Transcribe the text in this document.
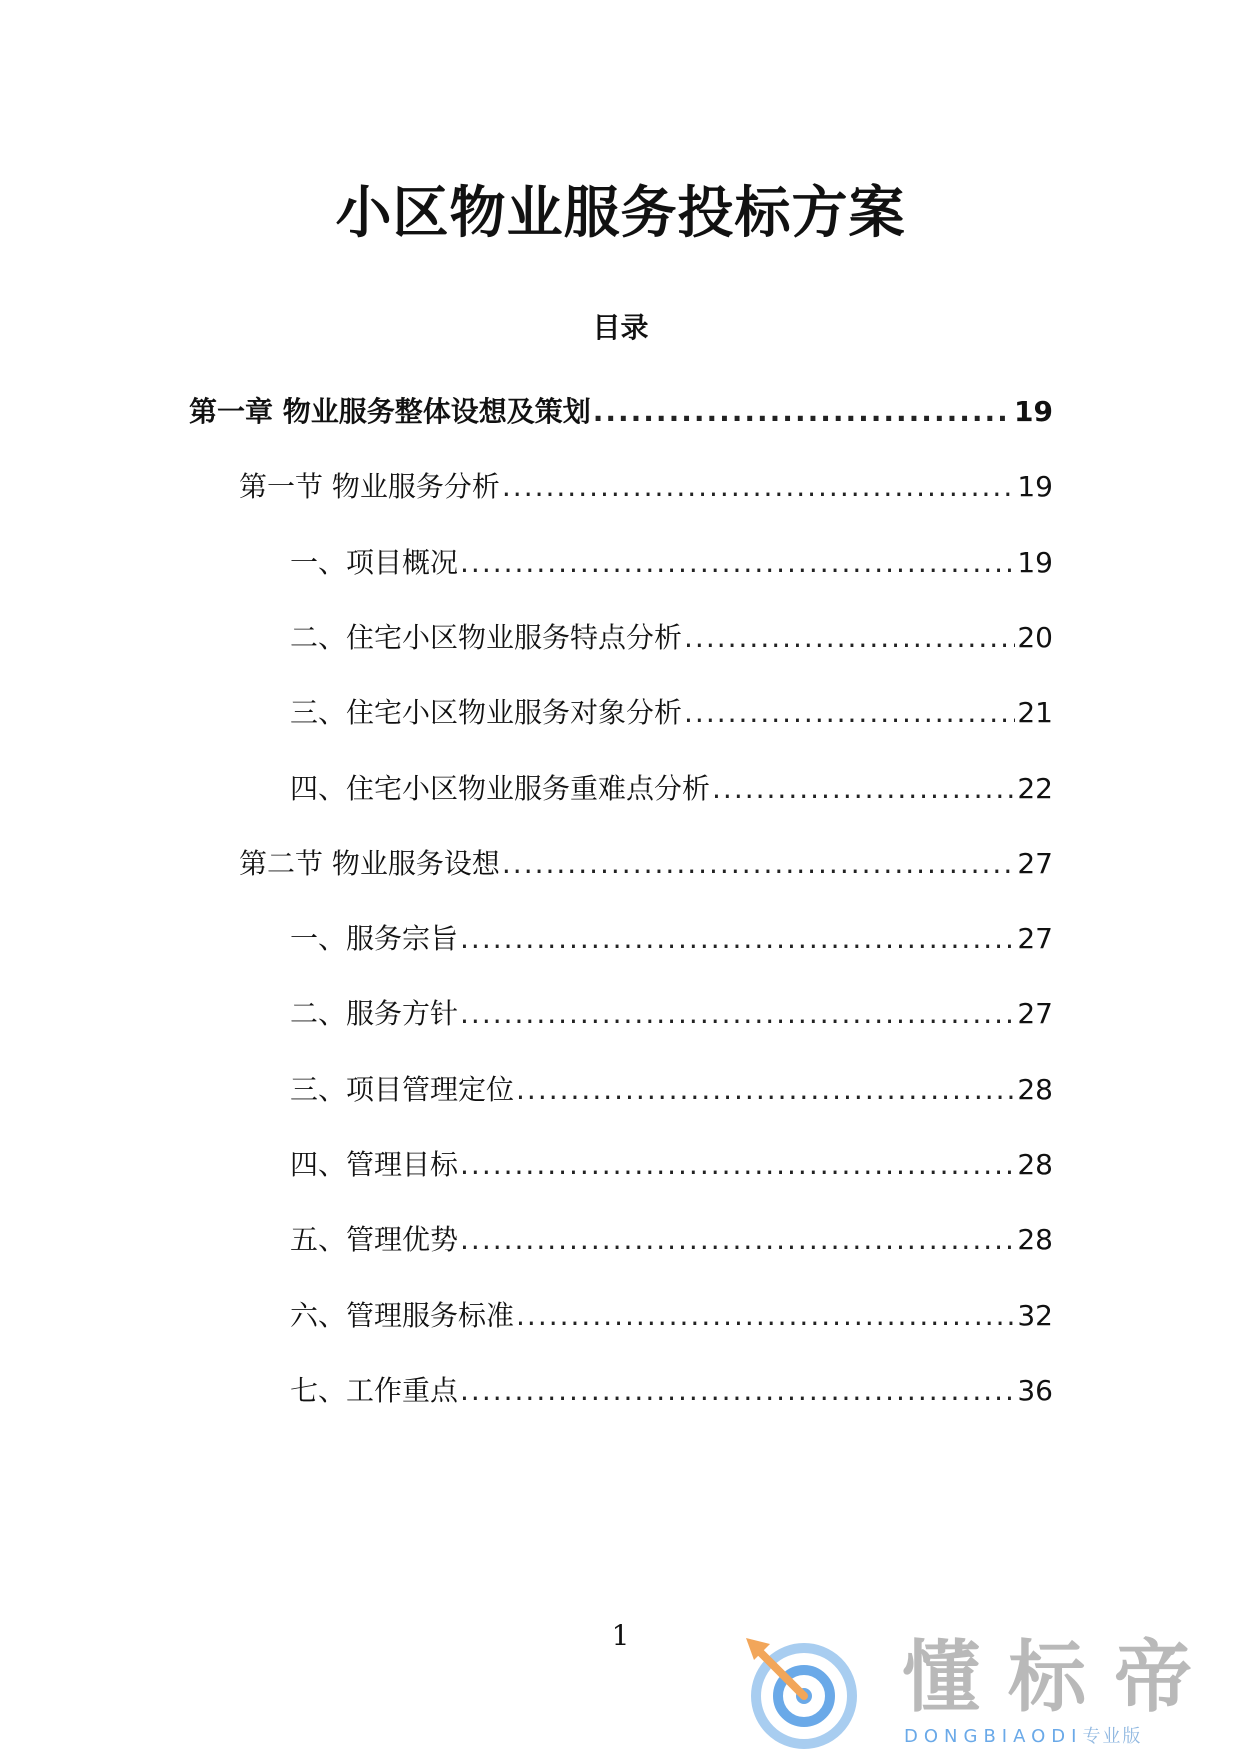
小区物业服务投标方案
目录
第一章 物业服务整体设想及策划 .....	19
第一节 物业服务分析 .....	19
一、项目概况 .....	19
二、住宅小区物业服务特点分析 .....	20
三、住宅小区物业服务对象分析 .....	21
四、住宅小区物业服务重难点分析 .....	22
第二节 物业服务设想 .....	27
一、服务宗旨 .....	27
二、服务方针 .....	27
三、项目管理定位 .....	28
四、管理目标 .....	28
五、管理优势 .....	28
六、管理服务标准 .....	32
七、工作重点 .....	36
1	懂标帝
DONGBIAODI专业版
